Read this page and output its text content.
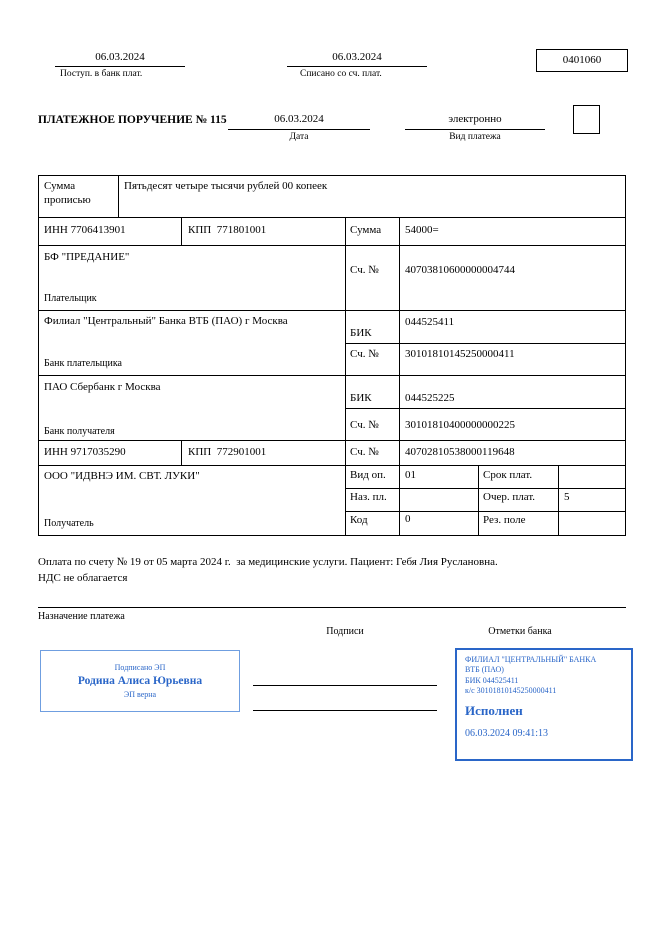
06.03.2024
Поступ. в банк плат.
06.03.2024
Списано со сч. плат.
0401060
ПЛАТЕЖНОЕ ПОРУЧЕНИЕ № 115	06.03.2024
Дата
электронно
Вид платежа
Сумма прописью
Пятьдесят четыре тысячи рублей 00 копеек
ИНН 7706413901	КПП  771801001	Сумма 54000=
БФ "ПРЕДАНИЕ"
Плательщик
Сч. № 40703810600000004744
Филиал "Центральный" Банка ВТБ (ПАО) г Москва
БИК
044525411
Сч. № 30101810145250000411
Банк плательщика
ПАО Сбербанк г Москва
БИК	044525225
Сч. № 30101810400000000225
Банк получателя
ИНН 9717035290	КПП  772901001	Сч. № 40702810538000119648
ООО "ИДВНЭ ИМ. СВТ. ЛУКИ"
Получатель
Вид оп. 01	Срок плат.
Наз. пл.	Очер. плат.	5
Код	0	Рез. поле
Оплата по счету № 19 от 05 марта 2024 г.  за медицинские услуги. Пациент: Гебя Лия Руслановна.
НДС не облагается
Назначение платежа
Подписи	Отметки банка
Подписано ЭП
Родина Алиса Юрьевна
ЭП верна
ФИЛИАЛ "ЦЕНТРАЛЬНЫЙ" БАНКА
ВТБ (ПАО)
БИК 044525411
к/с 30101810145250000411
Исполнен
06.03.2024 09:41:13
